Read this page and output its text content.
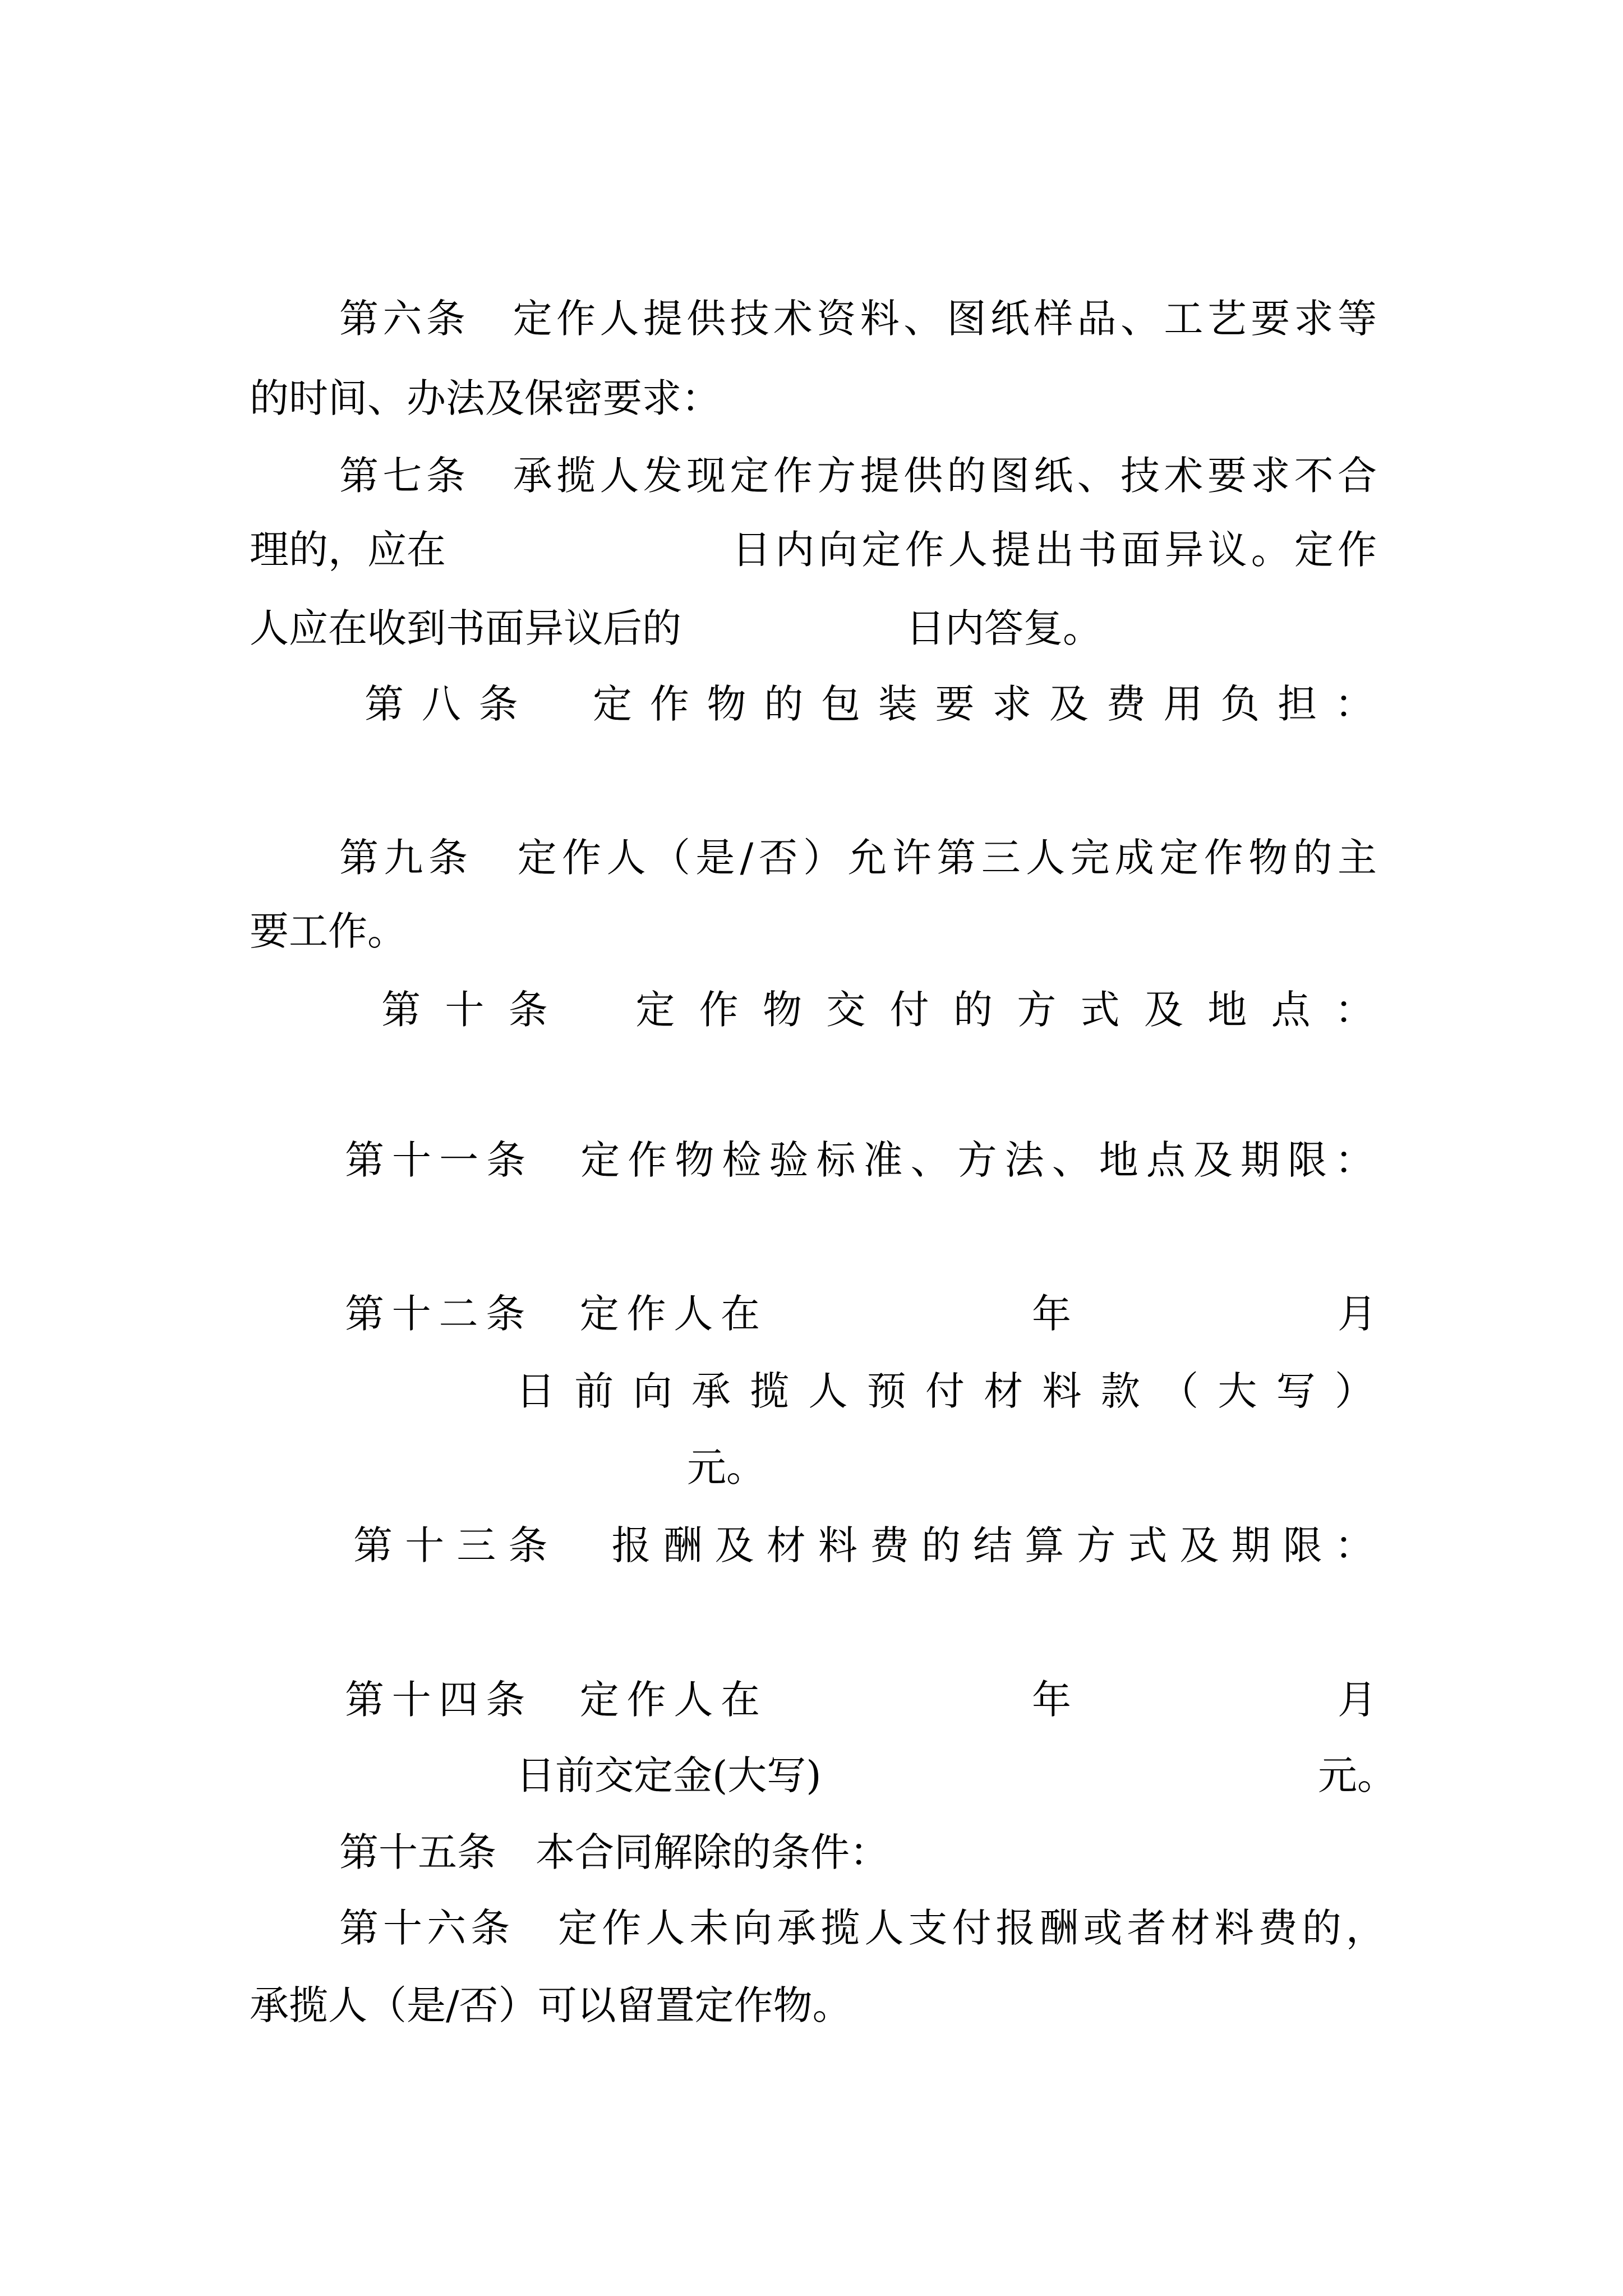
第 六 条
　 定 作 人 提 供 技 术 资 料 、 图 纸 样 品 、 工 艺 要 求 等
的时间、办法及保密要求：
第 七 条
　 承 揽 人 发 现 定 作 方 提 供 的 图 纸 、 技 术 要 求 不 合
理的，应在	日 内 向 定 作 人 提 出 书 面 异 议 。 定 作
人应在收到书面异议后的	日内答复。
第 八 条
　 定 作 物 的 包 装 要 求 及 费 用 负 担 ：
第 九 条
　 定 作 人 （ 是 / 否 ） 允 许 第 三 人 完 成 定 作 物 的 主
要工作。
第 十 条
　 定 作 物 交 付 的 方 式 及 地 点 ：
第 十 一 条
　 定 作 物 检 验 标 准 、 方 法 、 地 点 及 期 限 ：
第 十 二 条
　 定 作 人 在	年	月
日 前 向 承 揽 人 预 付 材 料 款 （ 大 写 ）
元。
第 十 三 条
　 报 酬 及 材 料 费 的 结 算 方 式 及 期 限 ：
第 十 四 条
　 定 作 人 在	年	月
日前交定金(大写)	元。
第十五条　本合同解除的条件：
第 十 六 条
　 定 作 人 未 向 承 揽 人 支 付 报 酬 或 者 材 料 费 的 ，
承揽人（是/否）可以留置定作物。
